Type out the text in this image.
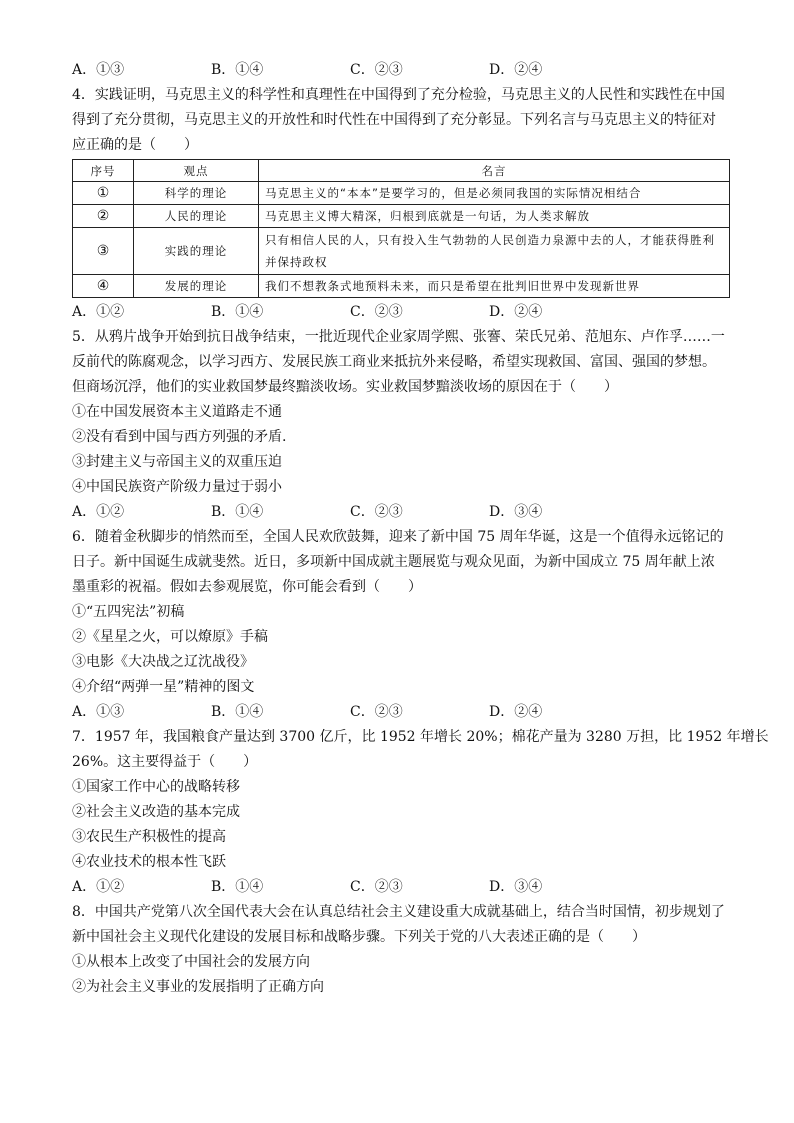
A．①③	B．①④	C．②③	D．②④
4．实践证明，马克思主义的科学性和真理性在中国得到了充分检验，马克思主义的人民性和实践性在中国
得到了充分贯彻，马克思主义的开放性和时代性在中国得到了充分彰显。下列名言与马克思主义的特征对
应正确的是（　　）
序号	观点	名言
①	科学的理论	马克思主义的“本本”是要学习的，但是必须同我国的实际情况相结合
②	人民的理论	马克思主义博大精深，归根到底就是一句话，为人类求解放
③	实践的理论	只有相信人民的人，只有投入生气勃勃的人民创造力泉源中去的人，才能获得胜利并保持政权
④	发展的理论	我们不想教条式地预料未来，而只是希望在批判旧世界中发现新世界
A．①②	B．①④	C．②③	D．②④
5．从鸦片战争开始到抗日战争结束，一批近现代企业家周学熙、张謇、荣氏兄弟、范旭东、卢作孚……一
反前代的陈腐观念，以学习西方、发展民族工商业来抵抗外来侵略，希望实现救国、富国、强国的梦想。
但商场沉浮，他们的实业救国梦最终黯淡收场。实业救国梦黯淡收场的原因在于（　　）
①在中国发展资本主义道路走不通
②没有看到中国与西方列强的矛盾.
③封建主义与帝国主义的双重压迫
④中国民族资产阶级力量过于弱小
A．①②	B．①④	C．②③	D．③④
6．随着金秋脚步的悄然而至，全国人民欢欣鼓舞，迎来了新中国 75 周年华诞，这是一个值得永远铭记的
日子。新中国诞生成就斐然。近日，多项新中国成就主题展览与观众见面，为新中国成立 75 周年献上浓
墨重彩的祝福。假如去参观展览，你可能会看到（　　）
①“五四宪法”初稿
②《星星之火，可以燎原》手稿
③电影《大决战之辽沈战役》
④介绍“两弹一星”精神的图文
A．①③	B．①④	C．②③	D．②④
7．1957 年，我国粮食产量达到 3700 亿斤，比 1952 年增长 20%；棉花产量为 3280 万担，比 1952 年增长
26%。这主要得益于（　　）
①国家工作中心的战略转移
②社会主义改造的基本完成
③农民生产积极性的提高
④农业技术的根本性飞跃
A．①②	B．①④	C．②③	D．③④
8．中国共产党第八次全国代表大会在认真总结社会主义建设重大成就基础上，结合当时国情，初步规划了
新中国社会主义现代化建设的发展目标和战略步骤。下列关于党的八大表述正确的是（　　）
①从根本上改变了中国社会的发展方向
②为社会主义事业的发展指明了正确方向
